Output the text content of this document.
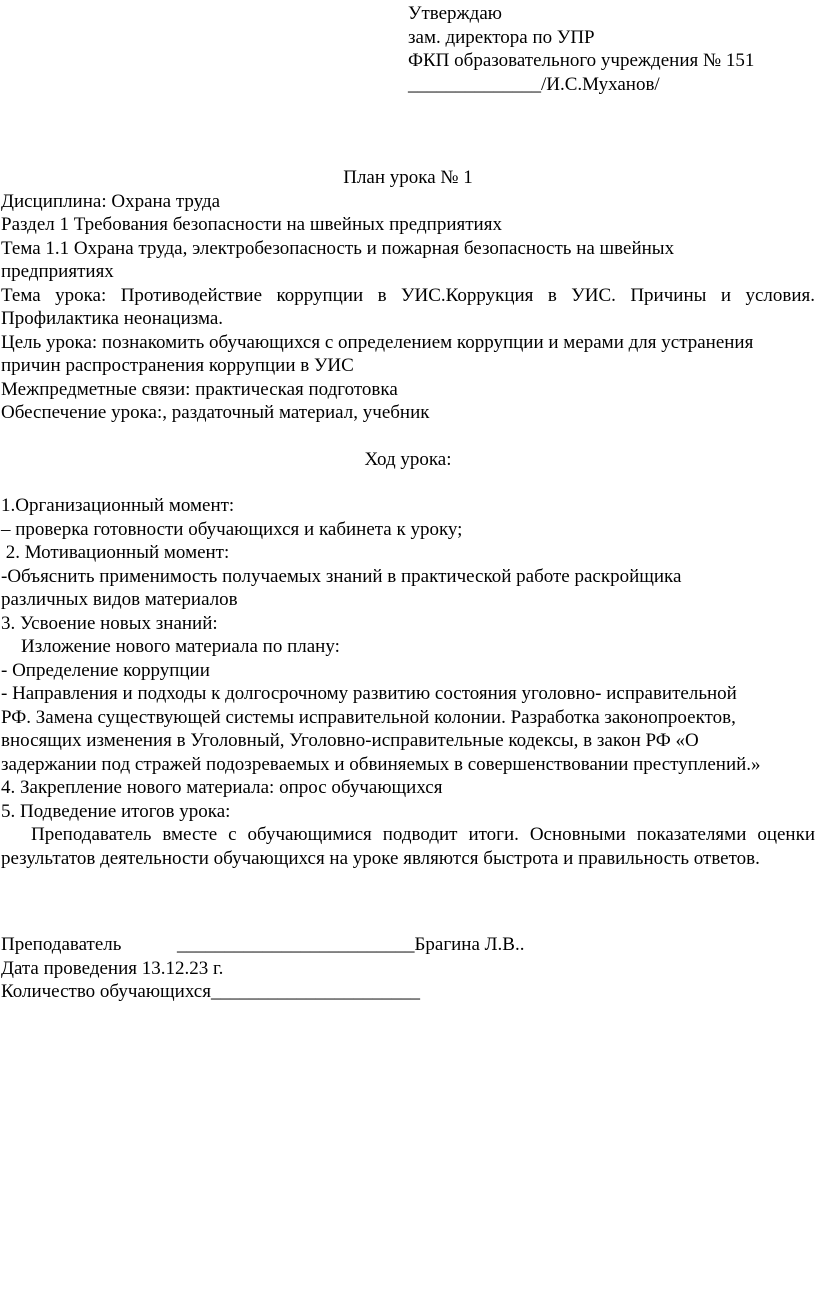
Утверждаю
зам. директора по УПР
ФКП образовательного учреждения № 151
______________/И.С.Муханов/
План урока № 1
Дисциплина: Охрана труда
Раздел 1 Требования безопасности на швейных предприятиях
Тема 1.1 Охрана труда, электробезопасность и пожарная безопасность на швейных
предприятиях
Тема урока: Противодействие коррупции в УИС.Коррукция в УИС. Причины и условия. Профилактика неонацизма.
Цель урока: познакомить обучающихся с определением коррупции и мерами для устранения
причин распространения коррупции в УИС
Межпредметные связи: практическая подготовка
Обеспечение урока:, раздаточный материал, учебник
Ход урока:
1.Организационный момент:
– проверка готовности обучающихся и кабинета к уроку;
2. Мотивационный момент:
-Объяснить применимость получаемых знаний в практической работе раскройщика
различных видов материалов
3. Усвоение новых знаний:
Изложение нового материала по плану:
- Определение коррупции
- Направления и подходы к долгосрочному развитию состояния уголовно- исправительной
РФ. Замена существующей системы исправительной колонии. Разработка законопроектов,
вносящих изменения в Уголовный, Уголовно-исправительные кодексы, в закон РФ «О
задержании под стражей подозреваемых и обвиняемых в совершенствовании преступлений.»
4. Закрепление нового материала: опрос обучающихся
5. Подведение итогов урока:
Преподаватель вместе с обучающимися подводит итоги. Основными показателями оценки результатов деятельности обучающихся на уроке являются быстрота и правильность ответов.
Преподаватель	_________________________Брагина Л.В..
Дата проведения 13.12.23 г.
Количество обучающихся______________________
